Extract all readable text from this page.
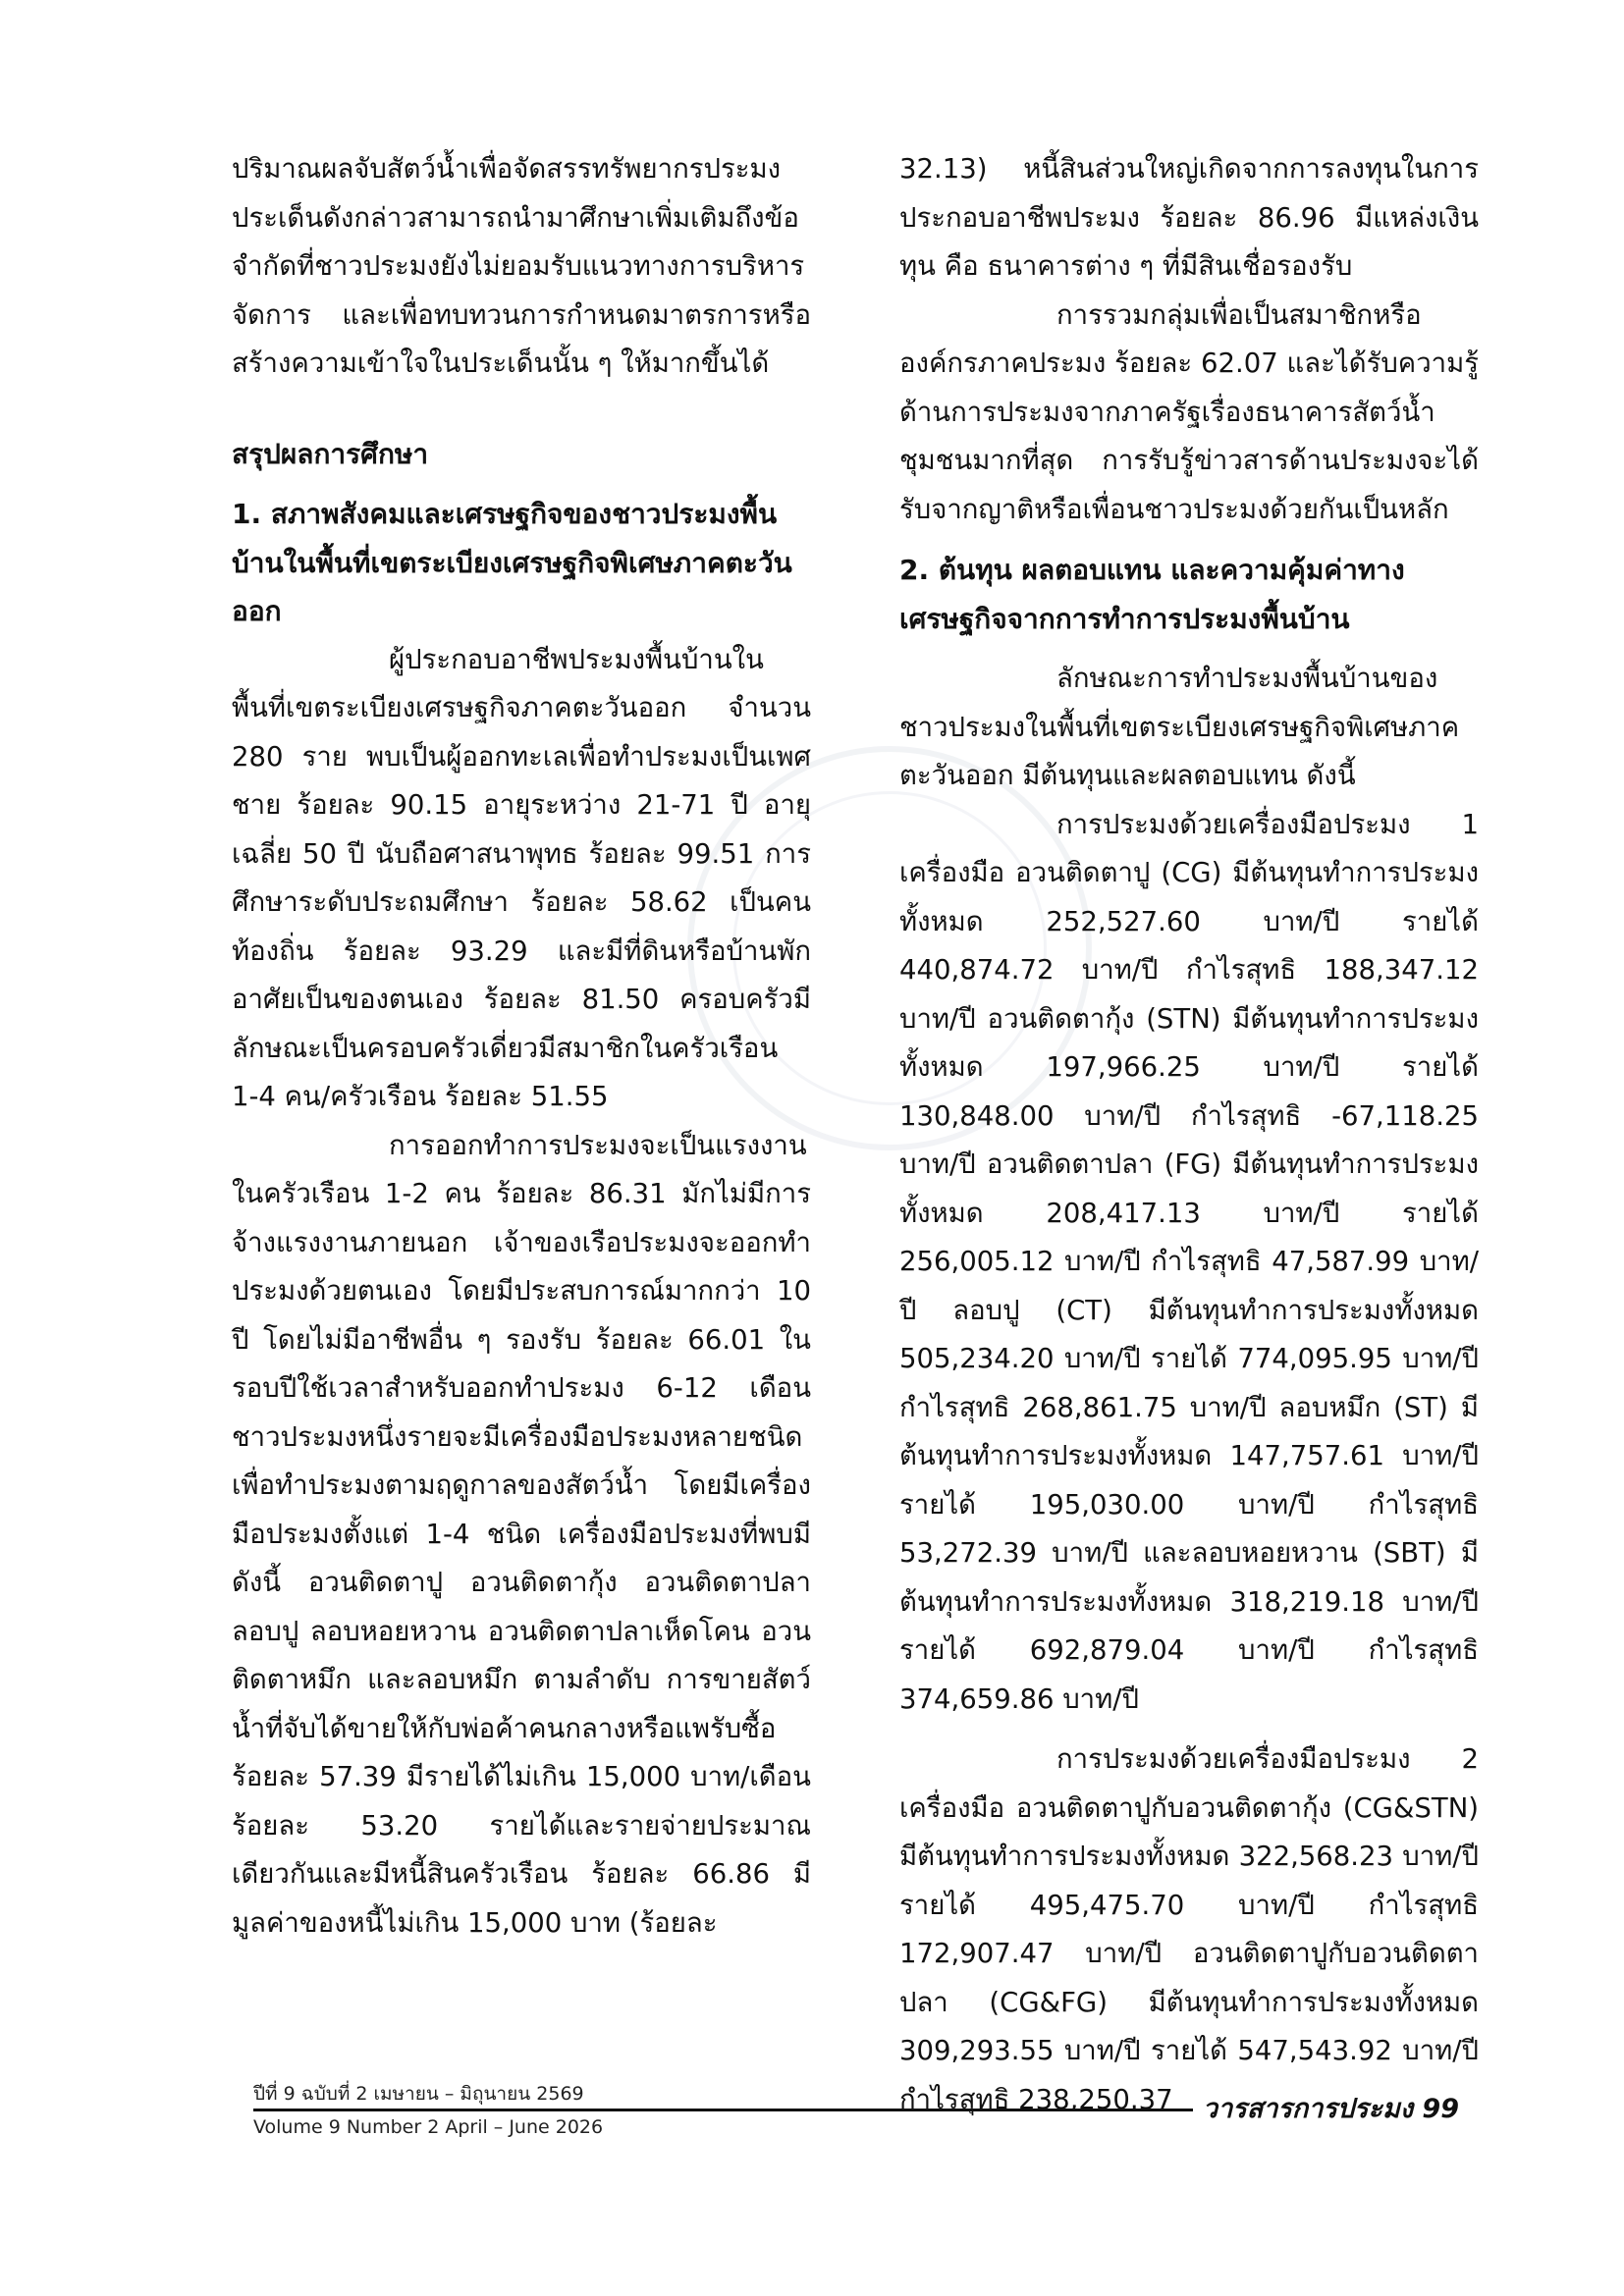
ปริมาณผลจับสัตว์น้ำเพื่อจัดสรรทรัพยากรประมง ประเด็นดังกล่าวสามารถนำมาศึกษาเพิ่มเติมถึงข้อจำกัดที่ชาวประมงยังไม่ยอมรับแนวทางการบริหารจัดการ และเพื่อทบทวนการกำหนดมาตรการหรือสร้างความเข้าใจในประเด็นนั้น ๆ ให้มากขึ้นได้

สรุปผลการศึกษา
1. สภาพสังคมและเศรษฐกิจของชาวประมงพื้นบ้านในพื้นที่เขตระเบียงเศรษฐกิจพิเศษภาคตะวันออก

ผู้ประกอบอาชีพประมงพื้นบ้านในพื้นที่เขตระเบียงเศรษฐกิจภาคตะวันออก จำนวน 280 ราย พบเป็นผู้ออกทะเลเพื่อทำประมงเป็นเพศชาย ร้อยละ 90.15 อายุระหว่าง 21-71 ปี อายุเฉลี่ย 50 ปี นับถือศาสนาพุทธ ร้อยละ 99.51 การศึกษาระดับประถมศึกษา ร้อยละ 58.62 เป็นคนท้องถิ่น ร้อยละ 93.29 และมีที่ดินหรือบ้านพักอาศัยเป็นของตนเอง ร้อยละ 81.50 ครอบครัวมีลักษณะเป็นครอบครัวเดี่ยวมีสมาชิกในครัวเรือน 1-4 คน/ครัวเรือน ร้อยละ 51.55

การออกทำการประมงจะเป็นแรงงานในครัวเรือน 1-2 คน ร้อยละ 86.31 มักไม่มีการจ้างแรงงานภายนอก เจ้าของเรือประมงจะออกทำประมงด้วยตนเอง โดยมีประสบการณ์มากกว่า 10 ปี โดยไม่มีอาชีพอื่น ๆ รองรับ ร้อยละ 66.01 ในรอบปีใช้เวลาสำหรับออกทำประมง 6-12 เดือน ชาวประมงหนึ่งรายจะมีเครื่องมือประมงหลายชนิดเพื่อทำประมงตามฤดูกาลของสัตว์น้ำ โดยมีเครื่องมือประมงตั้งแต่ 1-4 ชนิด เครื่องมือประมงที่พบมี ดังนี้ อวนติดตาปู อวนติดตากุ้ง อวนติดตาปลา ลอบปู ลอบหอยหวาน อวนติดตาปลาเห็ดโคน อวนติดตาหมึก และลอบหมึก ตามลำดับ การขายสัตว์น้ำที่จับได้ขายให้กับพ่อค้าคนกลางหรือแพรับซื้อ ร้อยละ 57.39 มีรายได้ไม่เกิน 15,000 บาท/เดือน ร้อยละ 53.20 รายได้และรายจ่ายประมาณเดียวกันและมีหนี้สินครัวเรือน ร้อยละ 66.86 มีมูลค่าของหนี้ไม่เกิน 15,000 บาท (ร้อยละ

32.13) หนี้สินส่วนใหญ่เกิดจากการลงทุนในการประกอบอาชีพประมง ร้อยละ 86.96 มีแหล่งเงินทุน คือ ธนาคารต่าง ๆ ที่มีสินเชื่อรองรับ

การรวมกลุ่มเพื่อเป็นสมาชิกหรือองค์กรภาคประมง ร้อยละ 62.07 และได้รับความรู้ด้านการประมงจากภาครัฐเรื่องธนาคารสัตว์น้ำชุมชนมากที่สุด การรับรู้ข่าวสารด้านประมงจะได้รับจากญาติหรือเพื่อนชาวประมงด้วยกันเป็นหลัก

2. ต้นทุน ผลตอบแทน และความคุ้มค่าทางเศรษฐกิจจากการทำการประมงพื้นบ้าน

ลักษณะการทำประมงพื้นบ้านของชาวประมงในพื้นที่เขตระเบียงเศรษฐกิจพิเศษภาคตะวันออก มีต้นทุนและผลตอบแทน ดังนี้

การประมงด้วยเครื่องมือประมง 1 เครื่องมือ อวนติดตาปู (CG) มีต้นทุนทำการประมงทั้งหมด 252,527.60 บาท/ปี รายได้ 440,874.72 บาท/ปี กำไรสุทธิ 188,347.12 บาท/ปี อวนติดตากุ้ง (STN) มีต้นทุนทำการประมงทั้งหมด 197,966.25 บาท/ปี รายได้ 130,848.00 บาท/ปี กำไรสุทธิ -67,118.25 บาท/ปี อวนติดตาปลา (FG) มีต้นทุนทำการประมงทั้งหมด 208,417.13 บาท/ปี รายได้ 256,005.12 บาท/ปี กำไรสุทธิ 47,587.99 บาท/ปี ลอบปู (CT) มีต้นทุนทำการประมงทั้งหมด 505,234.20 บาท/ปี รายได้ 774,095.95 บาท/ปี กำไรสุทธิ 268,861.75 บาท/ปี ลอบหมึก (ST) มีต้นทุนทำการประมงทั้งหมด 147,757.61 บาท/ปี รายได้ 195,030.00 บาท/ปี กำไรสุทธิ 53,272.39 บาท/ปี และลอบหอยหวาน (SBT) มีต้นทุนทำการประมงทั้งหมด 318,219.18 บาท/ปี รายได้ 692,879.04 บาท/ปี กำไรสุทธิ 374,659.86 บาท/ปี

การประมงด้วยเครื่องมือประมง 2 เครื่องมือ อวนติดตาปูกับอวนติดตากุ้ง (CG&STN) มีต้นทุนทำการประมงทั้งหมด 322,568.23 บาท/ปี รายได้ 495,475.70 บาท/ปี กำไรสุทธิ 172,907.47 บาท/ปี อวนติดตาปูกับอวนติดตาปลา (CG&FG) มีต้นทุนทำการประมงทั้งหมด 309,293.55 บาท/ปี รายได้ 547,543.92 บาท/ปี กำไรสุทธิ 238,250.37

ปีที่ 9 ฉบับที่ 2 เมษายน – มิถุนายน 2569	วารสารการประมง 99
Volume 9 Number 2 April – June 2026
